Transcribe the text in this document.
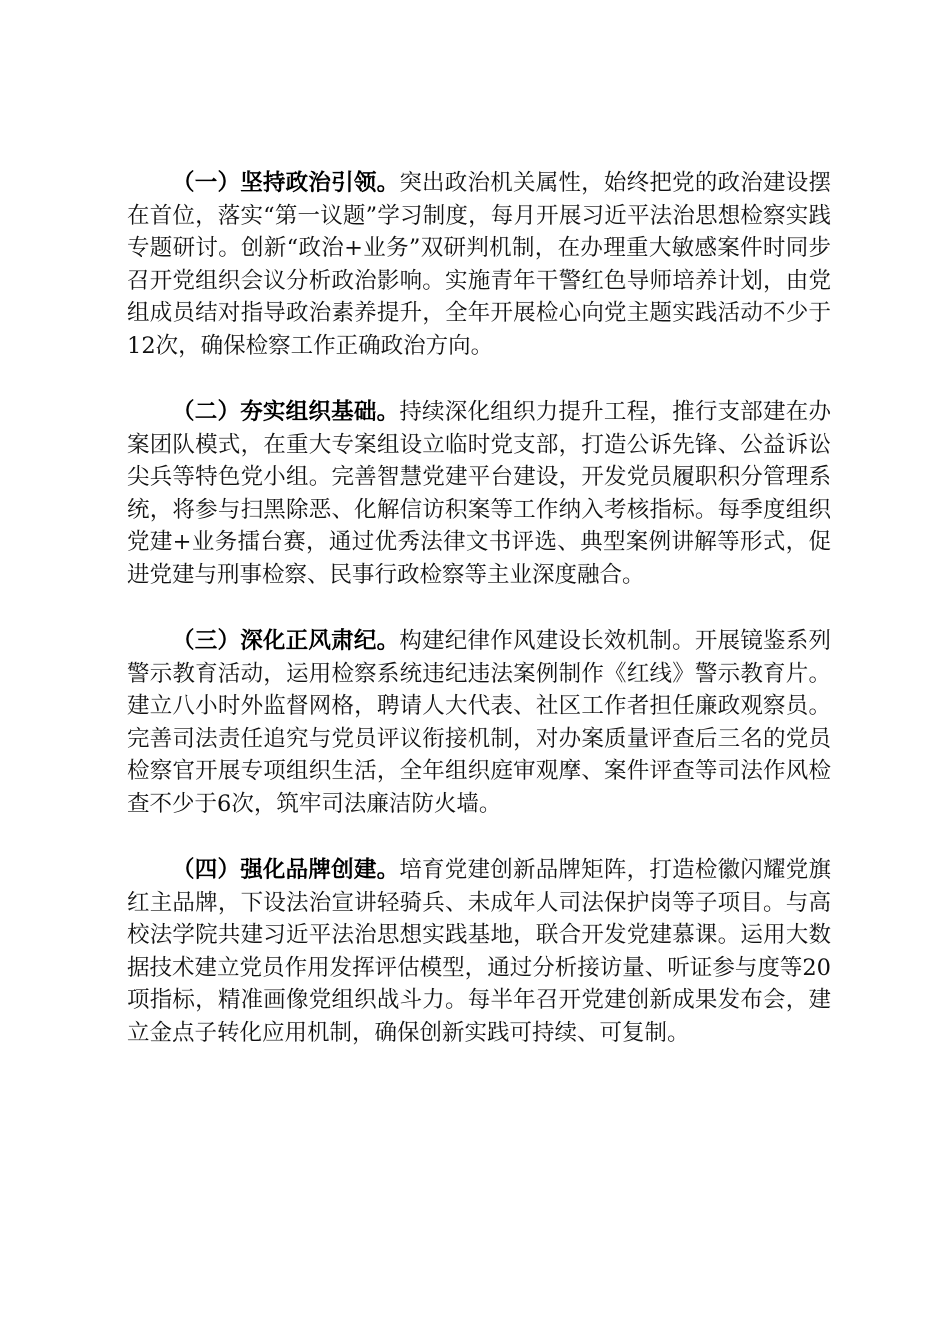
（一）坚持政治引领。突出政治机关属性，始终把党的政治建设摆在首位，落实“第一议题”学习制度，每月开展习近平法治思想检察实践专题研讨。创新“政治+业务”双研判机制，在办理重大敏感案件时同步召开党组织会议分析政治影响。实施青年干警红色导师培养计划，由党组成员结对指导政治素养提升，全年开展检心向党主题实践活动不少于12次，确保检察工作正确政治方向。

（二）夯实组织基础。持续深化组织力提升工程，推行支部建在办案团队模式，在重大专案组设立临时党支部，打造公诉先锋、公益诉讼尖兵等特色党小组。完善智慧党建平台建设，开发党员履职积分管理系统，将参与扫黑除恶、化解信访积案等工作纳入考核指标。每季度组织党建+业务擂台赛，通过优秀法律文书评选、典型案例讲解等形式，促进党建与刑事检察、民事行政检察等主业深度融合。

（三）深化正风肃纪。构建纪律作风建设长效机制。开展镜鉴系列警示教育活动，运用检察系统违纪违法案例制作《红线》警示教育片。建立八小时外监督网格，聘请人大代表、社区工作者担任廉政观察员。完善司法责任追究与党员评议衔接机制，对办案质量评查后三名的党员检察官开展专项组织生活，全年组织庭审观摩、案件评查等司法作风检查不少于6次，筑牢司法廉洁防火墙。

（四）强化品牌创建。培育党建创新品牌矩阵，打造检徽闪耀党旗红主品牌，下设法治宣讲轻骑兵、未成年人司法保护岗等子项目。与高校法学院共建习近平法治思想实践基地，联合开发党建慕课。运用大数据技术建立党员作用发挥评估模型，通过分析接访量、听证参与度等20项指标，精准画像党组织战斗力。每半年召开党建创新成果发布会，建立金点子转化应用机制，确保创新实践可持续、可复制。
